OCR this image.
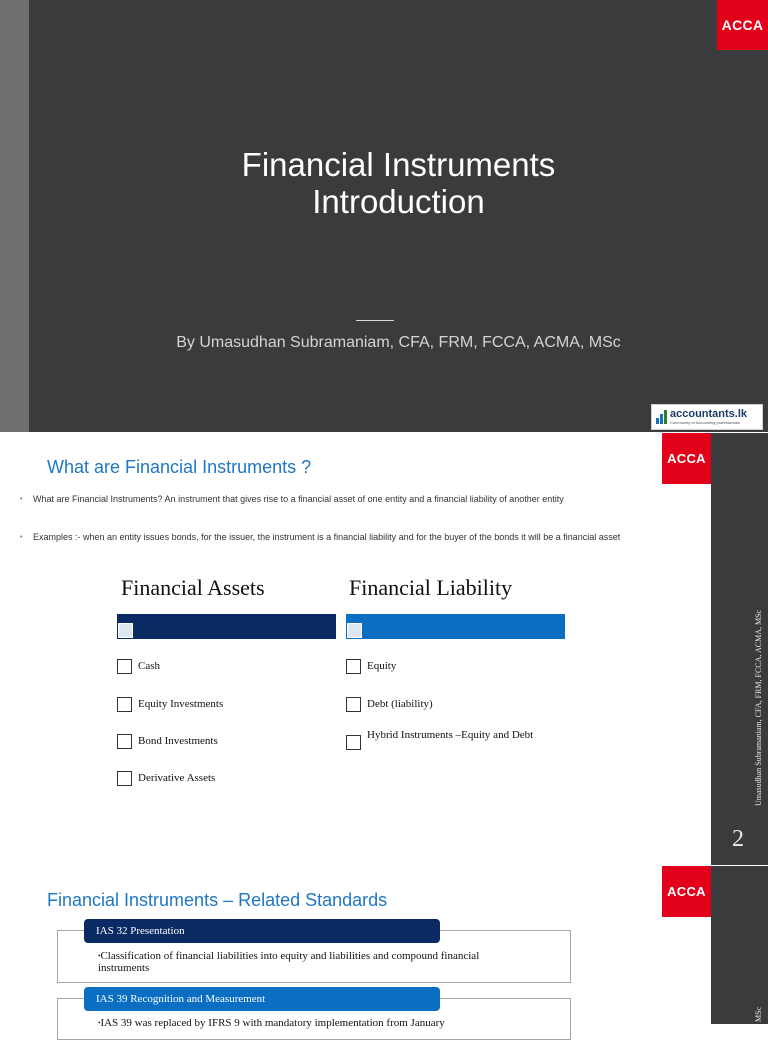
ACCA
Financial Instruments
Introduction
By Umasudhan Subramaniam, CFA, FRM, FCCA, ACMA, MSc
accountants.lk
Community of Accounting professionals
ACCA
Umasudhan Subramaniam, CFA, FRM, FCCA, ACMA, MSc
2
What are Financial Instruments ?
• What are Financial Instruments? An instrument that gives rise to a financial asset of one entity and a financial liability of another entity
• Examples :- when an entity issues bonds, for the issuer, the instrument is a financial liability and for the buyer of the bonds it will be a financial asset
Financial Assets
Cash
Equity Investments
Bond Investments
Derivative Assets
Financial Liability
Equity
Debt (liability)
Hybrid Instruments –Equity and Debt
ACCA
MSc
Financial Instruments – Related Standards
IAS 32 Presentation
•Classification of financial liabilities into equity and liabilities and compound financial instruments
IAS 39 Recognition and Measurement
•IAS 39 was replaced by IFRS 9 with mandatory implementation from January
